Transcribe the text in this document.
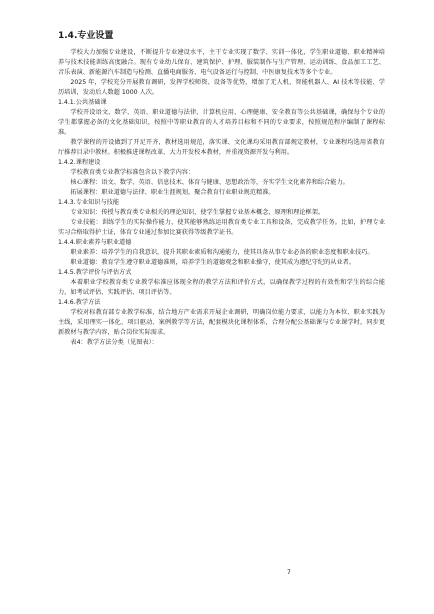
1.4.专业设置

学校大力加强专业建设，不断提升专业建设水平，主干专业实现了数学、实训一体化，学生职业道德、职业精神培养与技术技能训练高度融合。现有专业幼儿保育、建筑保护、护理、服装制作与生产管理、运动训练、食品加工工艺、音乐表演、新能源汽车制造与检测、直播电商服务、电气设备运行与控制、中医康复技术等多个专业。

2025 年，学校充分开展教育调研，发挥学校师资、设备等优势，增加了无人机、智能机器人、AI 技术等技能、学历培训，发动后人数超 1000 人次。

1.4.1.公共基础课

学校开设语文、数学、英语、职业道德与法律、计算机应用、心理健康、安全教育等公共基础课，确保每个专业的学生都掌握必备的文化基础知识，按照中等职业教育的人才培养目标和不同的专业要求，按照规范程序编制了课程标准。

教学课程的开设做到了开足开齐，教材选用规范，落实课、文化课均采用教育部规定教材，专业课程均选用省教育厅推荐目录中教材。积极推进课程改革，大力开发校本教材，并重视资源开发与利用。

1.4.2.课程建设

学校教育类专业教学标准包含以下教学内容：

核心课程：语文、数学、英语、信息技术、体育与健康、思想政治等，夯实学生文化素养和综合能力。

拓展课程：职业道德与法律、职业生涯规划，聚合教育行业职业规范精准。

1.4.3.专业知识与技能

专业知识：传授与教育类专业相关的理论知识，使学生掌握专业基本概念、原理和理论框架。

专业技能：训练学生的实际操作能力，使其能够熟练运用教育类专业工具和设备，完成教学任务。比如，护理专业实习合格取得护士证，体育专业通过参加比赛获得等级教学证书。

1.4.4.职业素养与职业道德

职业素养：培养学生的自我意识，提升其职业素质和沟通能力，使其具备从事专业必备的职业态度和职业技巧。

职业道德：教育学生遵守职业道德准则，培养学生的道德观念和职业操守，使其成为遵纪守纪的从业者。

1.4.5.教学评价与评估方式

本着职业学校教育类专业教学标准应体现全程的教学方法和评价方式，以确保教学过程的有效性和学生的综合能力，如考试评估、实践评估、项目评估等。

1.4.6.教学方法

学校对标教育部专业教学标准，结合地方产业需求开展企业调研，明确岗位能力要求，以能力为本位、职业实践为主线，采用理实一体化、项目驱动、案例教学等方法，配套模块化课程体系，合理分配公基础课与专业课学时，同步更新教材与教学内容，贴合岗位实际需求。

表4：教学方法分类（见图表）：

7
